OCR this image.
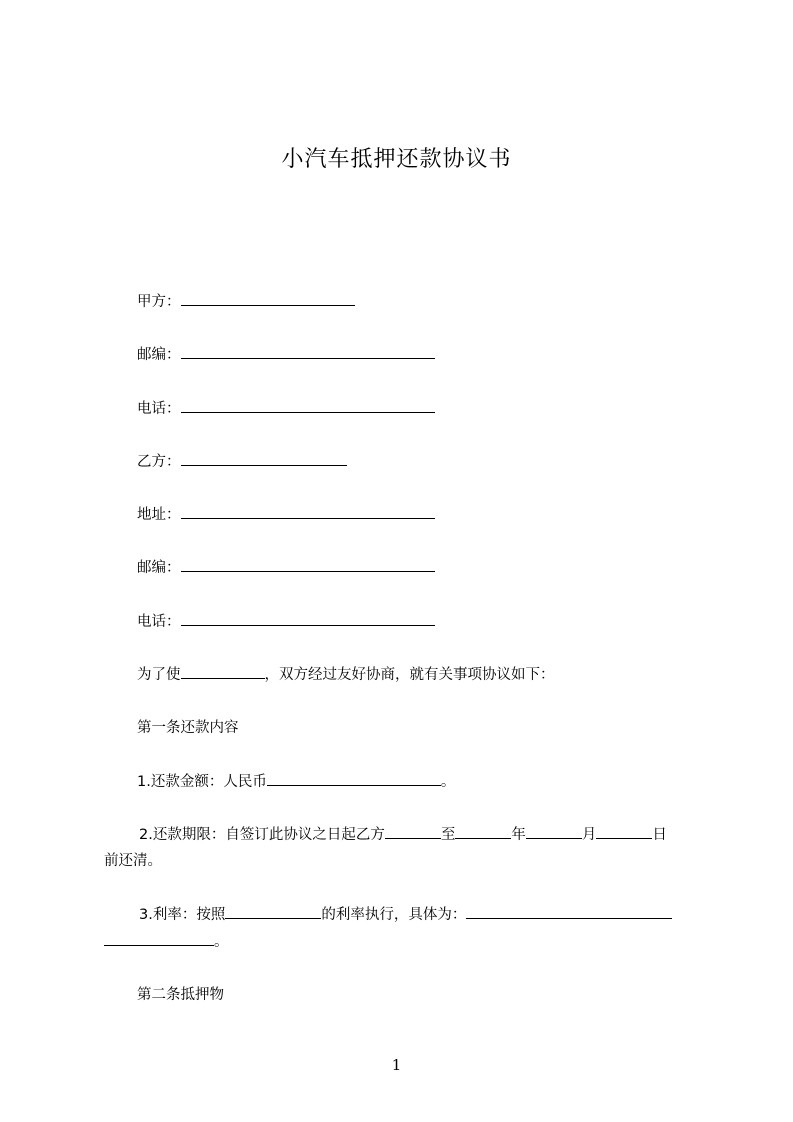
小汽车抵押还款协议书
甲方：
邮编：
电话：
乙方：
地址：
邮编：
电话：
为了使	，双方经过友好协商，就有关事项协议如下：
第一条还款内容
1.还款金额：人民币	。
2.还款期限：自签订此协议之日起乙方	至	年	月	日
前还清。
3.利率：按照	的利率执行，具体为：
。
第二条抵押物
1
